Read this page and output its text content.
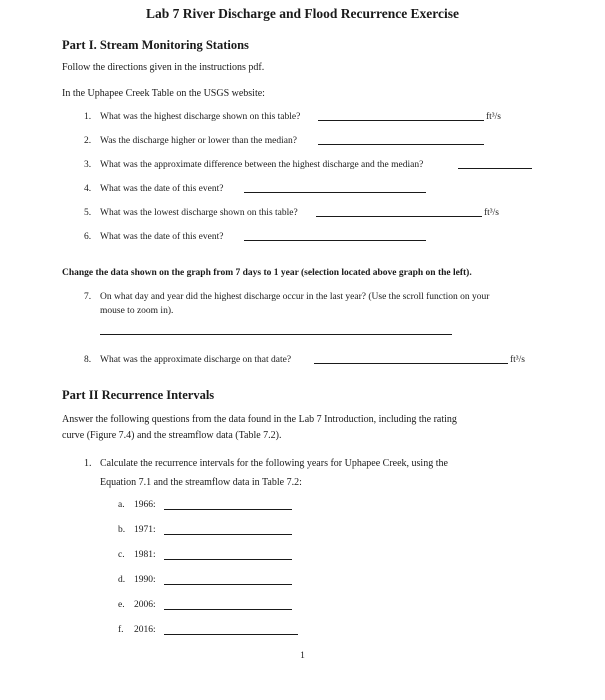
Lab 7 River Discharge and Flood Recurrence Exercise
Part I. Stream Monitoring Stations
Follow the directions given in the instructions pdf.
In the Uphapee Creek Table on the USGS website:
1. What was the highest discharge shown on this table?	ft³/s
2. Was the discharge higher or lower than the median?
3. What was the approximate difference between the highest discharge and the median?
4. What was the date of this event?
5. What was the lowest discharge shown on this table?	ft³/s
6. What was the date of this event?
Change the data shown on the graph from 7 days to 1 year (selection located above graph on the left).
7. On what day and year did the highest discharge occur in the last year? (Use the scroll function on your
mouse to zoom in).
8. What was the approximate discharge on that date?	ft³/s
Part II Recurrence Intervals
Answer the following questions from the data found in the Lab 7 Introduction, including the rating
curve (Figure 7.4) and the streamflow data (Table 7.2).
1. Calculate the recurrence intervals for the following years for Uphapee Creek, using the
Equation 7.1 and the streamflow data in Table 7.2:
a. 1966:
b. 1971:
c. 1981:
d. 1990:
e. 2006:
f. 2016:
1
